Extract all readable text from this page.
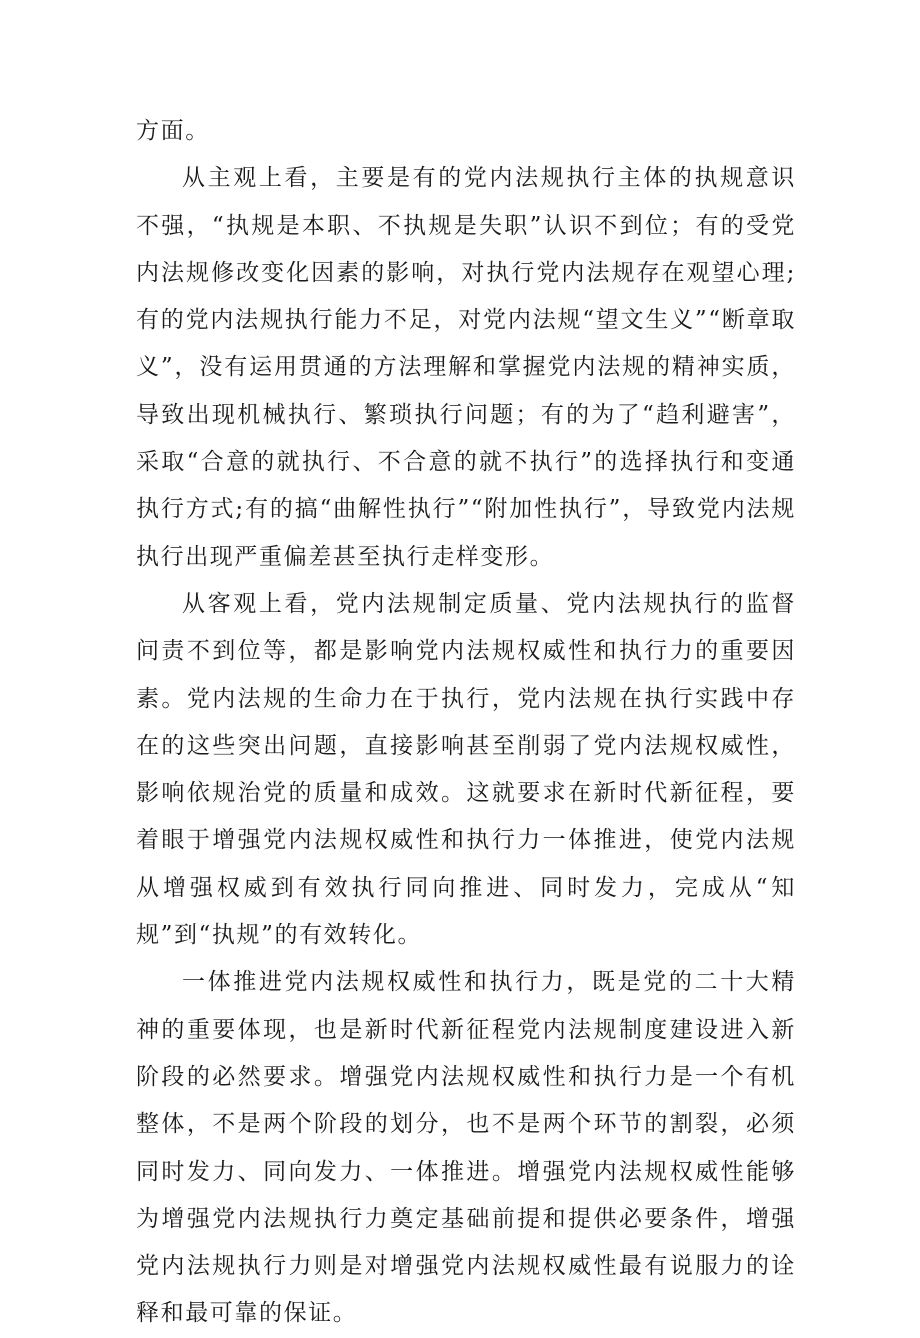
方面。

从主观上看，主要是有的党内法规执行主体的执规意识不强，“执规是本职、不执规是失职”认识不到位；有的受党内法规修改变化因素的影响，对执行党内法规存在观望心理;有的党内法规执行能力不足，对党内法规“望文生义”“断章取义”，没有运用贯通的方法理解和掌握党内法规的精神实质，导致出现机械执行、繁琐执行问题；有的为了“趋利避害”，采取“合意的就执行、不合意的就不执行”的选择执行和变通执行方式;有的搞“曲解性执行”“附加性执行”，导致党内法规执行出现严重偏差甚至执行走样变形。

从客观上看，党内法规制定质量、党内法规执行的监督问责不到位等，都是影响党内法规权威性和执行力的重要因素。党内法规的生命力在于执行，党内法规在执行实践中存在的这些突出问题，直接影响甚至削弱了党内法规权威性，影响依规治党的质量和成效。这就要求在新时代新征程，要着眼于增强党内法规权威性和执行力一体推进，使党内法规从增强权威到有效执行同向推进、同时发力，完成从“知规”到“执规”的有效转化。

一体推进党内法规权威性和执行力，既是党的二十大精神的重要体现，也是新时代新征程党内法规制度建设进入新阶段的必然要求。增强党内法规权威性和执行力是一个有机整体，不是两个阶段的划分，也不是两个环节的割裂，必须同时发力、同向发力、一体推进。增强党内法规权威性能够为增强党内法规执行力奠定基础前提和提供必要条件，增强党内法规执行力则是对增强党内法规权威性最有说服力的诠释和最可靠的保证。
